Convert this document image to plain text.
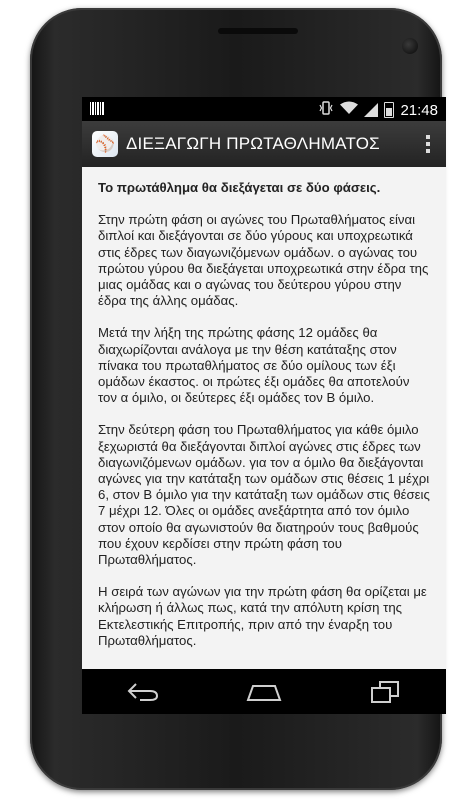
21:48
⚾ ΔΙΕΞΑΓΩΓΗ ΠΡΩΤΑΘΛΗΜΑΤΟΣ
Το πρωτάθλημα θα διεξάγεται σε δύο φάσεις.

Στην πρώτη φάση οι αγώνες του Πρωταθλήματος είναι διπλοί και διεξάγονται σε δύο γύρους και υποχρεωτικά στις έδρες των διαγωνιζόμενων ομάδων. ο αγώνας του πρώτου γύρου θα διεξάγεται υποχρεωτικά στην έδρα της μιας ομάδας και ο αγώνας του δεύτερου γύρου στην έδρα της άλλης ομάδας.

Μετά την λήξη της πρώτης φάσης 12 ομάδες θα διαχωρίζονται ανάλογα με την θέση κατάταξης στον πίνακα του πρωταθλήματος σε δύο ομίλους των έξι ομάδων έκαστος. οι πρώτες έξι ομάδες θα αποτελούν τον α όμιλο, οι δεύτερες έξι ομάδες τον Β όμιλο.

Στην δεύτερη φάση του Πρωταθλήματος για κάθε όμιλο ξεχωριστά θα διεξάγονται διπλοί αγώνες στις έδρες των διαγωνιζόμενων ομάδων. για τον α όμιλο θα διεξάγονται αγώνες για την κατάταξη των ομάδων στις θέσεις 1 μέχρι 6, στον Β όμιλο για την κατάταξη των ομάδων στις θέσεις 7 μέχρι 12. Όλες οι ομάδες ανεξάρτητα από τον όμιλο στον οποίο θα αγωνιστούν θα διατηρούν τους βαθμούς που έχουν κερδίσει στην πρώτη φάση του Πρωταθλήματος.

Η σειρά των αγώνων για την πρώτη φάση θα ορίζεται με κλήρωση ή άλλως πως, κατά την απόλυτη κρίση της Εκτελεστικής Επιτροπής, πριν από την έναρξη του Πρωταθλήματος.
